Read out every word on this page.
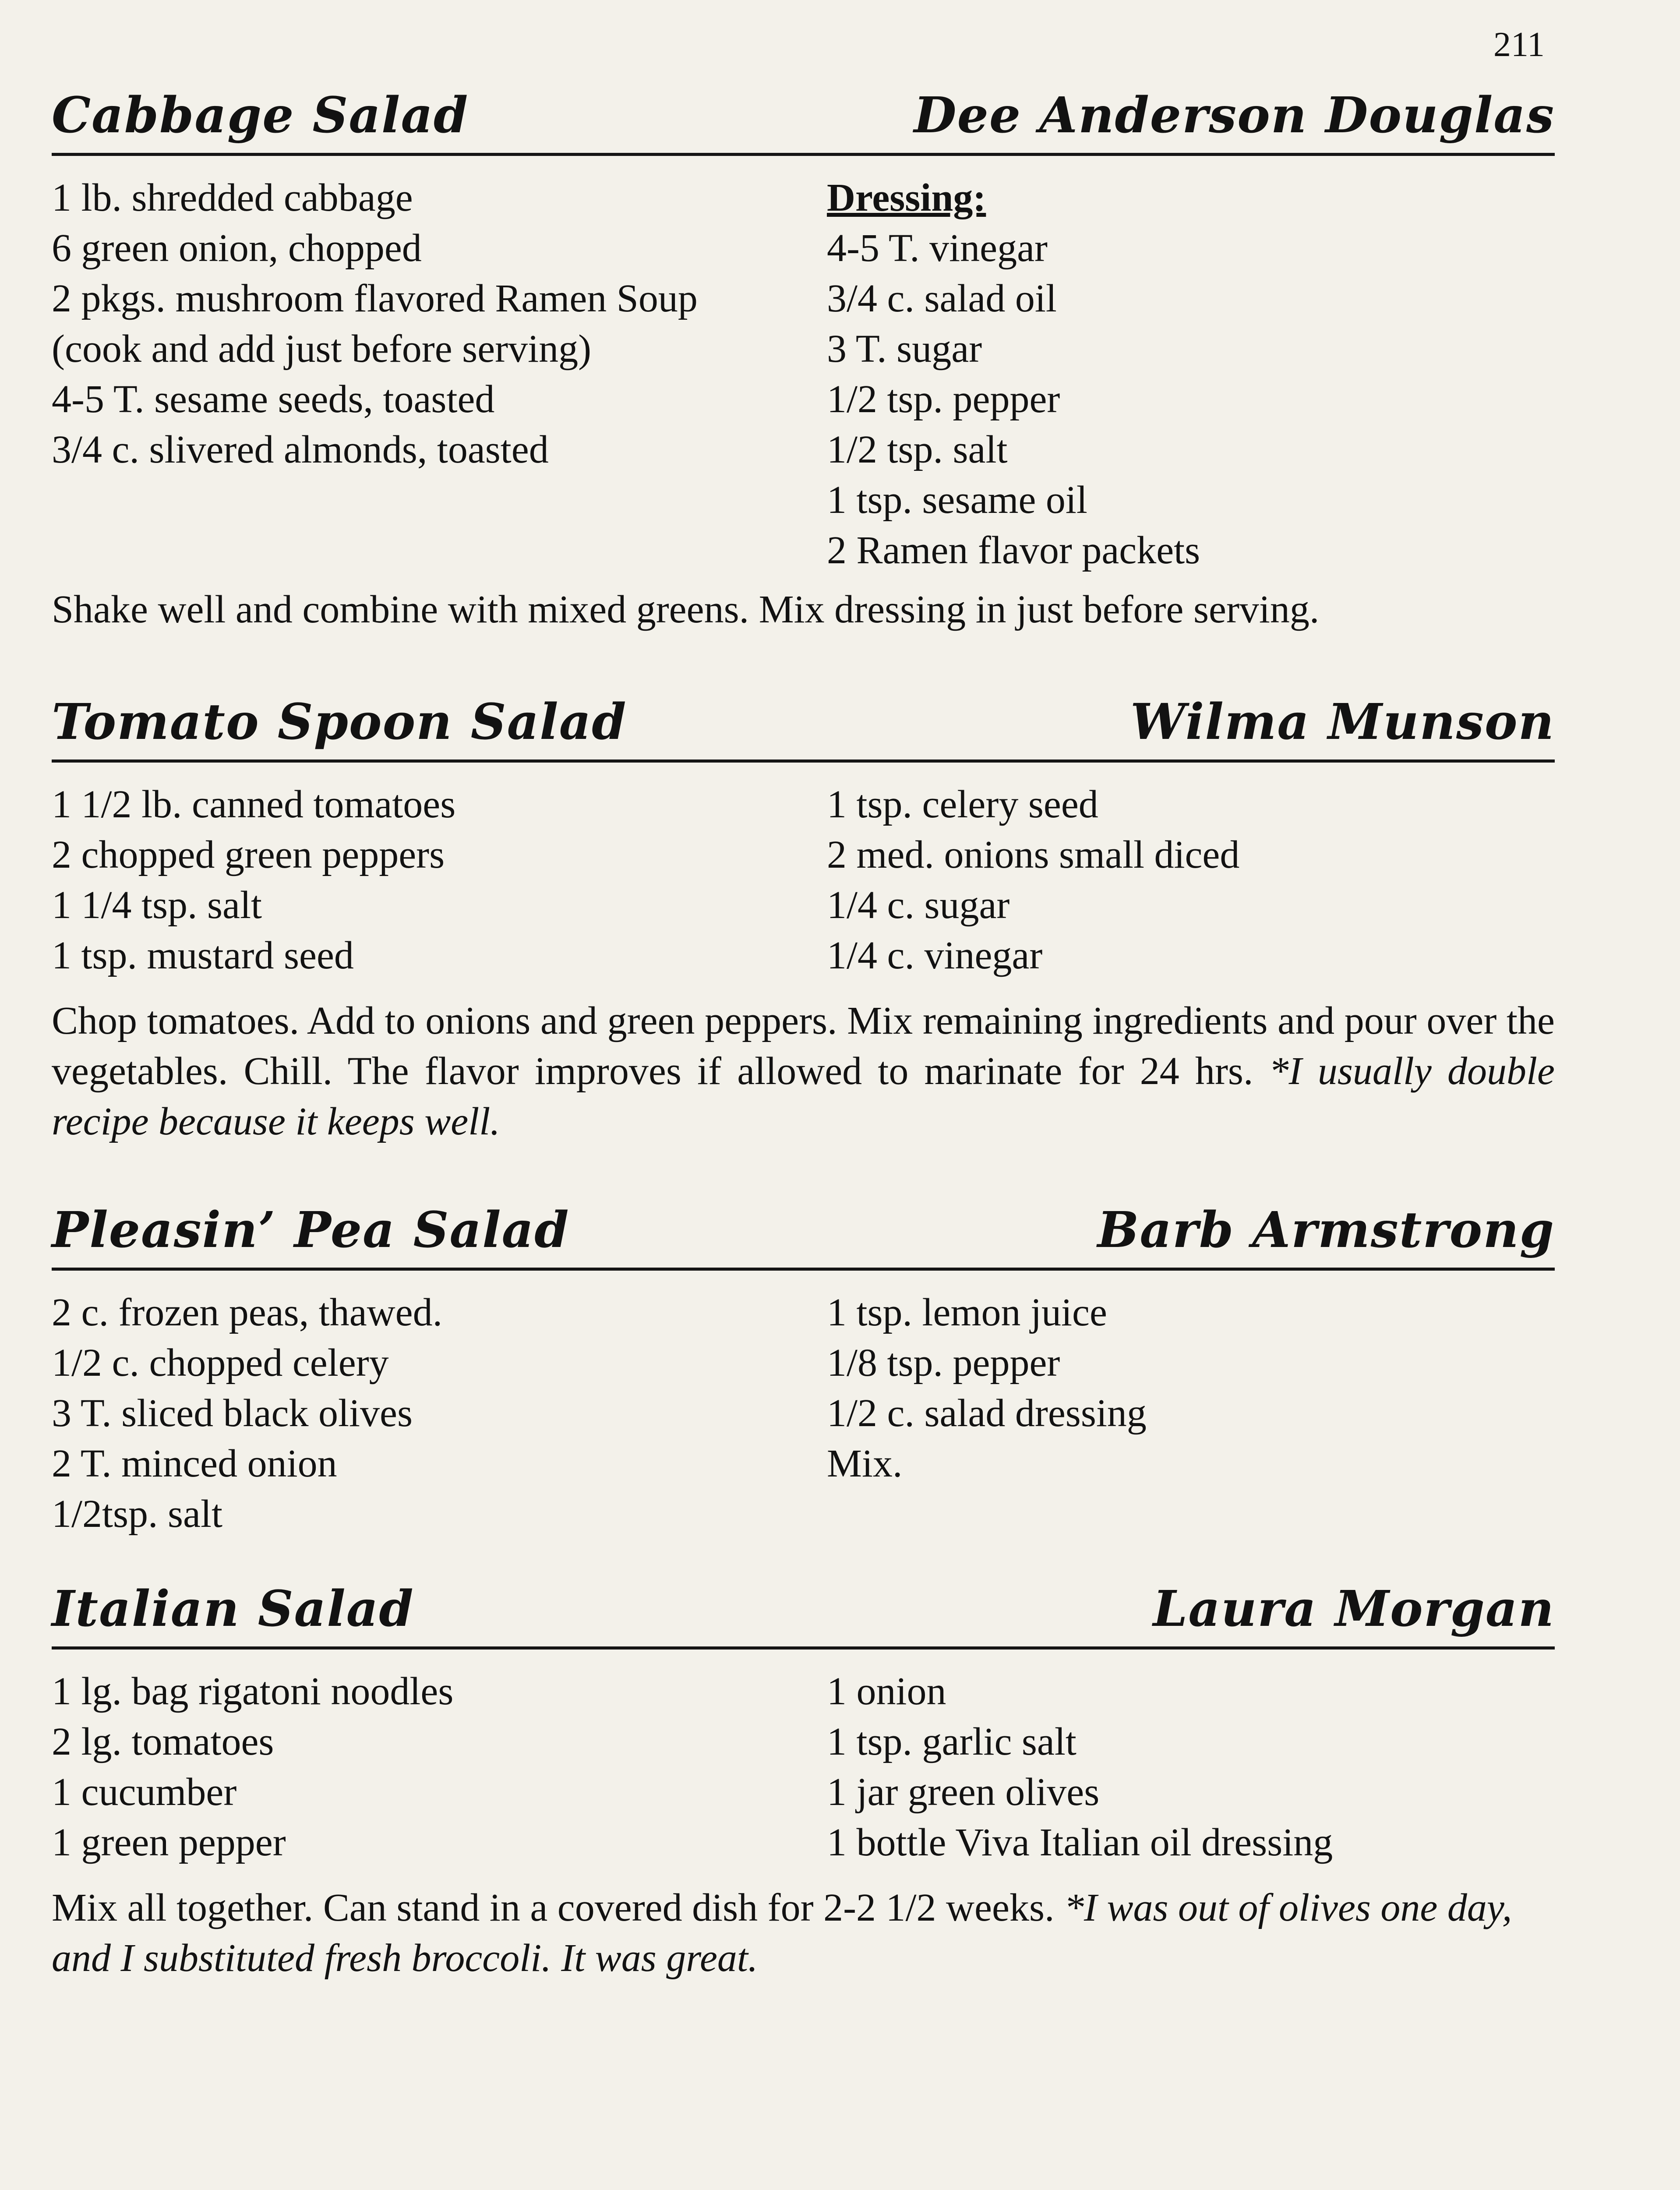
211
Cabbage Salad	Dee Anderson Douglas
1 lb. shredded cabbage
6 green onion, chopped
2 pkgs. mushroom flavored Ramen Soup
(cook and add just before serving)
4-5 T. sesame seeds, toasted
3/4 c. slivered almonds, toasted
Dressing:
4-5 T. vinegar
3/4 c. salad oil
3 T. sugar
1/2 tsp. pepper
1/2 tsp. salt
1 tsp. sesame oil
2 Ramen flavor packets
Shake well and combine with mixed greens. Mix dressing in just before serving.
Tomato Spoon Salad	Wilma Munson
1 1/2 lb. canned tomatoes
2 chopped green peppers
1 1/4 tsp. salt
1 tsp. mustard seed
1 tsp. celery seed
2 med. onions small diced
1/4 c. sugar
1/4 c. vinegar
Chop tomatoes. Add to onions and green peppers. Mix remaining ingredients and pour over the vegetables. Chill. The flavor improves if allowed to marinate for 24 hrs. *I usually double recipe because it keeps well.
Pleasin’ Pea Salad	Barb Armstrong
2 c. frozen peas, thawed.
1/2 c. chopped celery
3 T. sliced black olives
2 T. minced onion
1/2tsp. salt
1 tsp. lemon juice
1/8 tsp. pepper
1/2 c. salad dressing
Mix.
Italian Salad	Laura Morgan
1 lg. bag rigatoni noodles
2 lg. tomatoes
1 cucumber
1 green pepper
1 onion
1 tsp. garlic salt
1 jar green olives
1 bottle Viva Italian oil dressing
Mix all together. Can stand in a covered dish for 2-2 1/2 weeks. *I was out of olives one day, and I substituted fresh broccoli. It was great.
